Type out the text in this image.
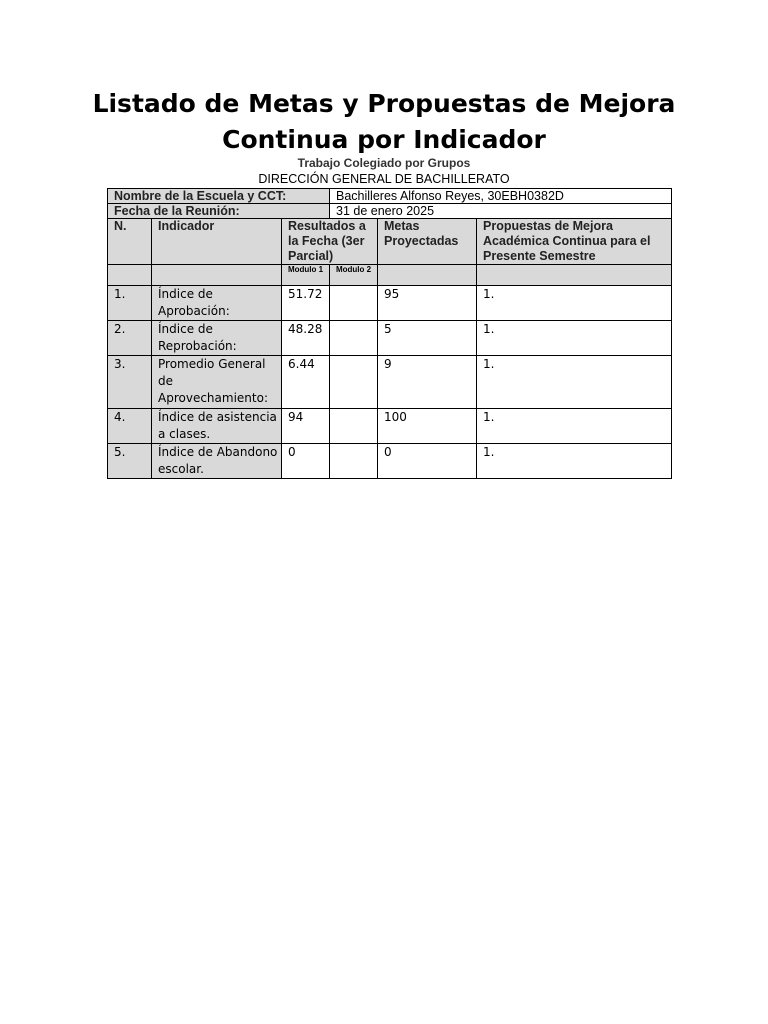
Listado de Metas y Propuestas de Mejora
Continua por Indicador
Trabajo Colegiado por Grupos
DIRECCIÓN GENERAL DE BACHILLERATO
Nombre de la Escuela y CCT:			Bachilleres Alfonso Reyes, 30EBH0382D		
Fecha de la Reunión:			31 de enero 2025		
N.	Indicador	Resultados a la Fecha (3er Parcial)		Metas Proyectadas	Propuestas de Mejora Académica Continua para el Presente Semestre
		Modulo 1	Modulo 2		
1.	Índice de Aprobación:	51.72		95	1.
2.	Índice de Reprobación:	48.28		5	1.
3.	Promedio General de Aprovechamiento:	6.44		9	1.
4.	Índice de asistencia a clases.	94		100	1.
5.	Índice de Abandono escolar.	0		0	1.
